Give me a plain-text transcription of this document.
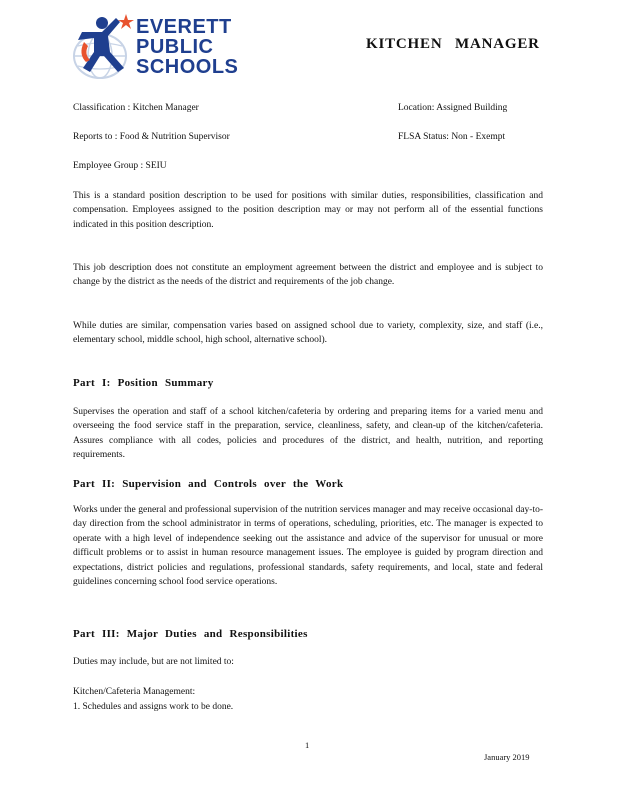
EVERETT
PUBLIC
SCHOOLS
KITCHEN MANAGER
Classification : Kitchen Manager	Location: Assigned Building
Reports to : Food & Nutrition Supervisor	FLSA Status: Non - Exempt
Employee Group : SEIU
This is a standard position description to be used for positions with similar duties, responsibilities, classification and compensation. Employees assigned to the position description may or may not perform all of the essential functions indicated in this position description.
This job description does not constitute an employment agreement between the district and employee and is subject to change by the district as the needs of the district and requirements of the job change.
While duties are similar, compensation varies based on assigned school due to variety, complexity, size, and staff (i.e., elementary school, middle school, high school, alternative school).
Part I: Position Summary
Supervises the operation and staff of a school kitchen/cafeteria by ordering and preparing items for a varied menu and overseeing the food service staff in the preparation, service, cleanliness, safety, and clean-up of the kitchen/cafeteria. Assures compliance with all codes, policies and procedures of the district, and health, nutrition, and reporting requirements.
Part II: Supervision and Controls over the Work
Works under the general and professional supervision of the nutrition services manager and may receive occasional day-to-day direction from the school administrator in terms of operations, scheduling, priorities, etc. The manager is expected to operate with a high level of independence seeking out the assistance and advice of the supervisor for unusual or more difficult problems or to assist in human resource management issues. The employee is guided by program direction and expectations, district policies and regulations, professional standards, safety requirements, and local, state and federal guidelines concerning school food service operations.
Part III: Major Duties and Responsibilities
Duties may include, but are not limited to:
Kitchen/Cafeteria Management:
1. Schedules and assigns work to be done.
1
January 2019
